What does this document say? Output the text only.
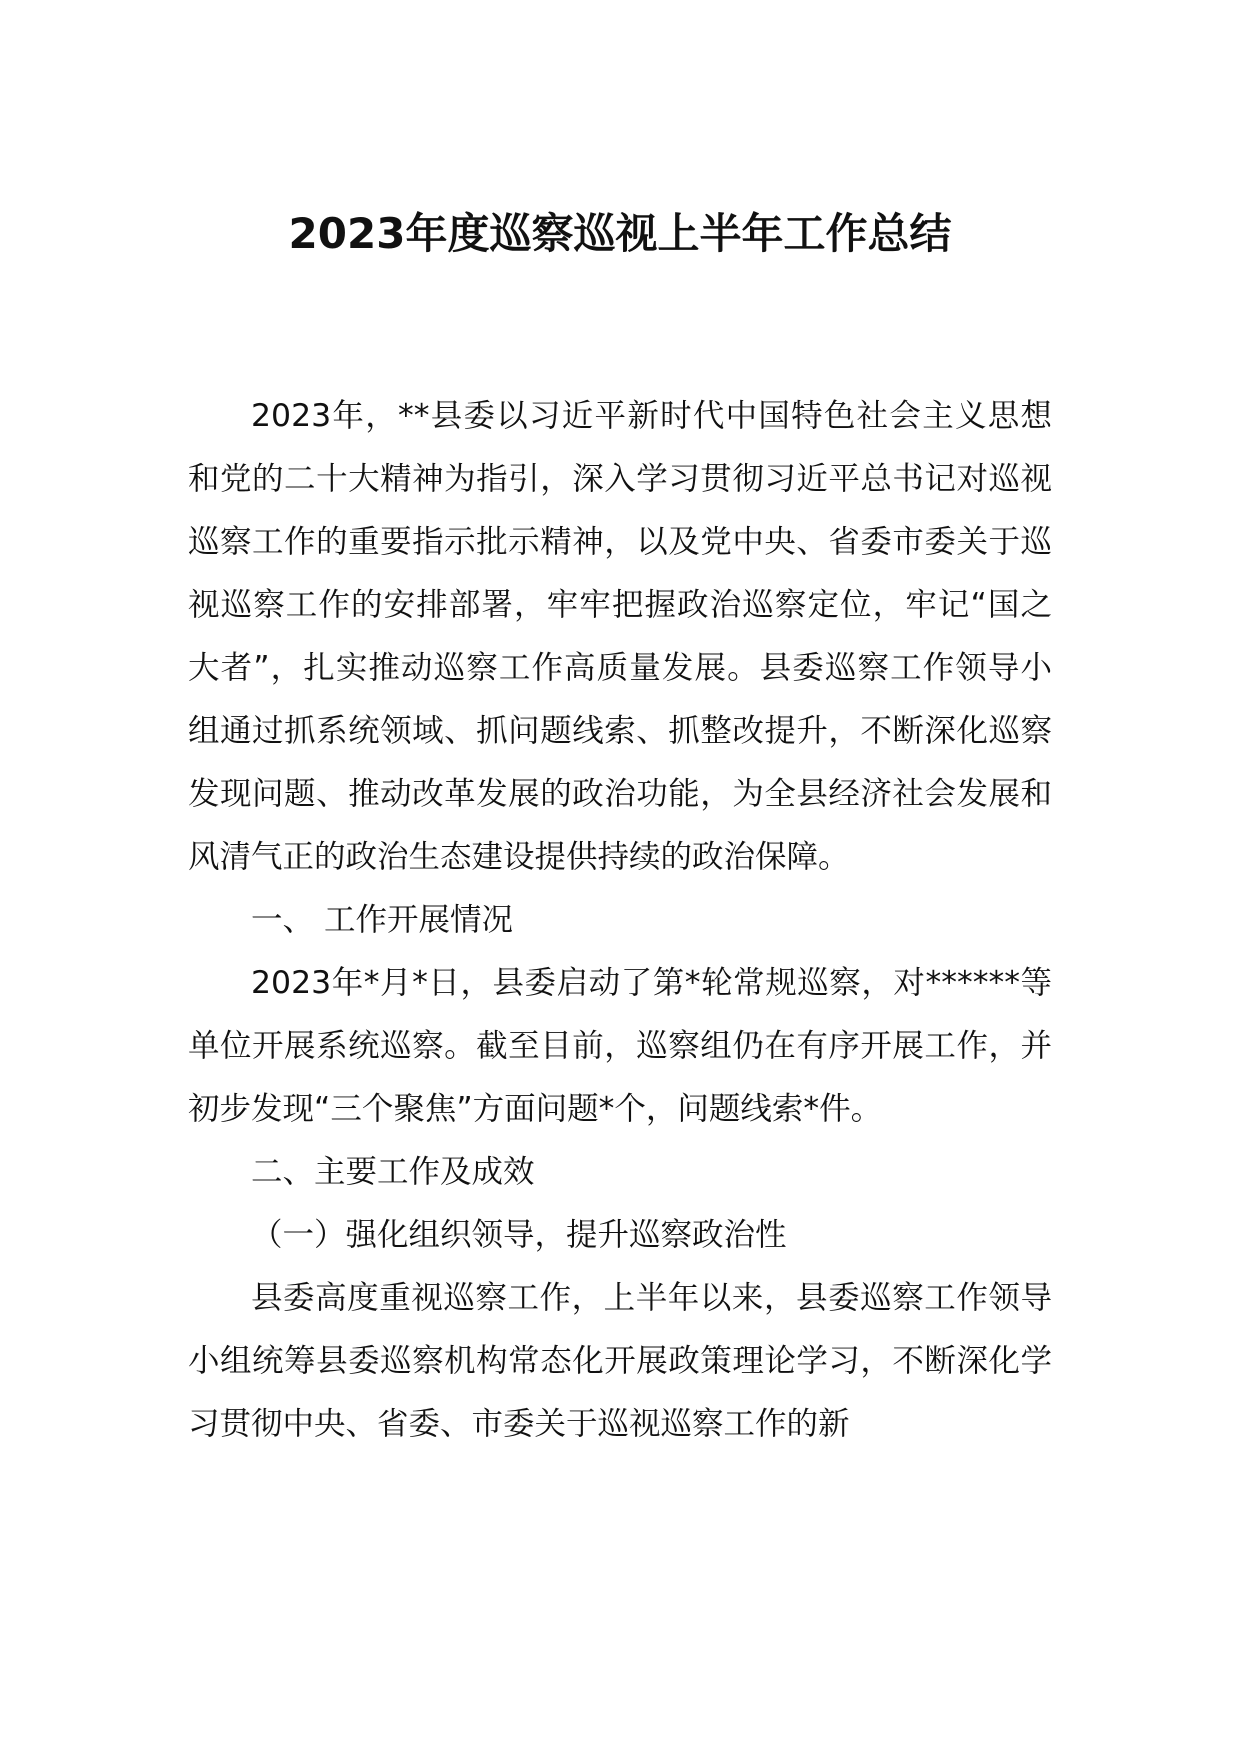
2023年度巡察巡视上半年工作总结

2023年，**县委以习近平新时代中国特色社会主义思想和党的二十大精神为指引，深入学习贯彻习近平总书记对巡视巡察工作的重要指示批示精神，以及党中央、省委市委关于巡视巡察工作的安排部署，牢牢把握政治巡察定位，牢记“国之大者”，扎实推动巡察工作高质量发展。县委巡察工作领导小组通过抓系统领域、抓问题线索、抓整改提升，不断深化巡察发现问题、推动改革发展的政治功能，为全县经济社会发展和风清气正的政治生态建设提供持续的政治保障。

一、 工作开展情况

2023年*月*日，县委启动了第*轮常规巡察，对******等单位开展系统巡察。截至目前，巡察组仍在有序开展工作，并初步发现“三个聚焦”方面问题*个，问题线索*件。

二、主要工作及成效

（一）强化组织领导，提升巡察政治性

县委高度重视巡察工作，上半年以来，县委巡察工作领导小组统筹县委巡察机构常态化开展政策理论学习，不断深化学习贯彻中央、省委、市委关于巡视巡察工作的新
